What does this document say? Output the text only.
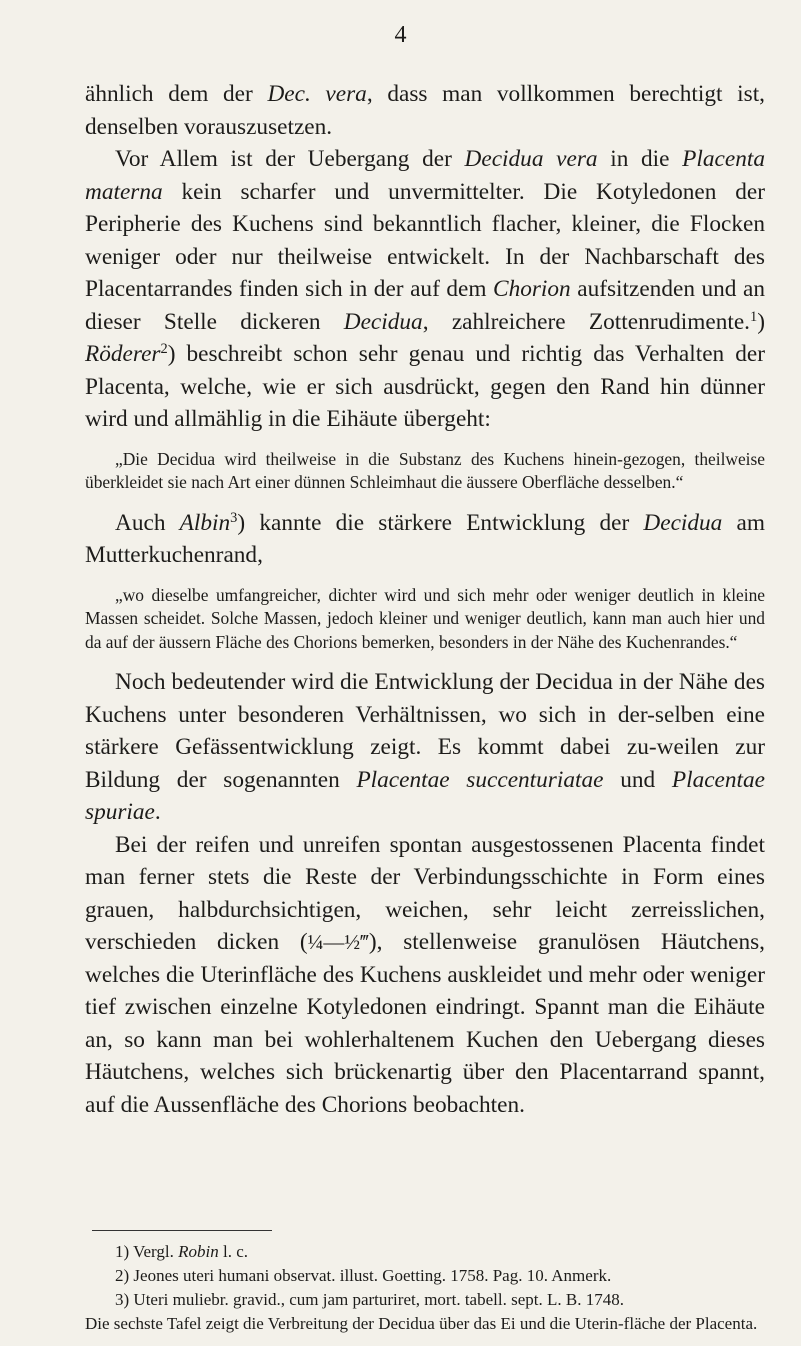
4

ähnlich dem der Dec. vera, dass man vollkommen berechtigt ist, denselben vorauszusetzen.

Vor Allem ist der Uebergang der Decidua vera in die Placenta materna kein scharfer und unvermittelter. Die Kotyledonen der Peripherie des Kuchens sind bekanntlich flacher, kleiner, die Flocken weniger oder nur theilweise entwickelt. In der Nachbarschaft des Placentarrandes finden sich in der auf dem Chorion aufsitzenden und an dieser Stelle dickeren Decidua, zahlreichere Zottenrudimente.$^1$) Röderer$^2$) beschreibt schon sehr genau und richtig das Verhalten der Placenta, welche, wie er sich ausdrückt, gegen den Rand hin dünner wird und allmählig in die Eihäute übergeht:

„Die Decidua wird theilweise in die Substanz des Kuchens hinein-gezogen, theilweise überkleidet sie nach Art einer dünnen Schleimhaut die äussere Oberfläche desselben.“

Auch Albin$^3$) kannte die stärkere Entwicklung der Decidua am Mutterkuchenrand,

„wo dieselbe umfangreicher, dichter wird und sich mehr oder weniger deutlich in kleine Massen scheidet. Solche Massen, jedoch kleiner und weniger deutlich, kann man auch hier und da auf der äussern Fläche des Chorions bemerken, besonders in der Nähe des Kuchenrandes.“

Noch bedeutender wird die Entwicklung der Decidua in der Nähe des Kuchens unter besonderen Verhältnissen, wo sich in der-selben eine stärkere Gefässentwicklung zeigt. Es kommt dabei zu-weilen zur Bildung der sogenannten Placentae succenturiatae und Placentae spuriae.

Bei der reifen und unreifen spontan ausgestossenen Placenta findet man ferner stets die Reste der Verbindungsschichte in Form eines grauen, halbdurchsichtigen, weichen, sehr leicht zerreisslichen, verschieden dicken (¼—½‴), stellenweise granulösen Häutchens, welches die Uterinfläche des Kuchens auskleidet und mehr oder weniger tief zwischen einzelne Kotyledonen eindringt. Spannt man die Eihäute an, so kann man bei wohlerhaltenem Kuchen den Uebergang dieses Häutchens, welches sich brückenartig über den Placentarrand spannt, auf die Aussenfläche des Chorions beobachten.

1) Vergl. Robin l. c.

2) Jeones uteri humani observat. illust. Goetting. 1758. Pag. 10. Anmerk.

3) Uteri muliebr. gravid., cum jam parturiret, mort. tabell. sept. L. B. 1748.

Die sechste Tafel zeigt die Verbreitung der Decidua über das Ei und die Uterin-fläche der Placenta.
